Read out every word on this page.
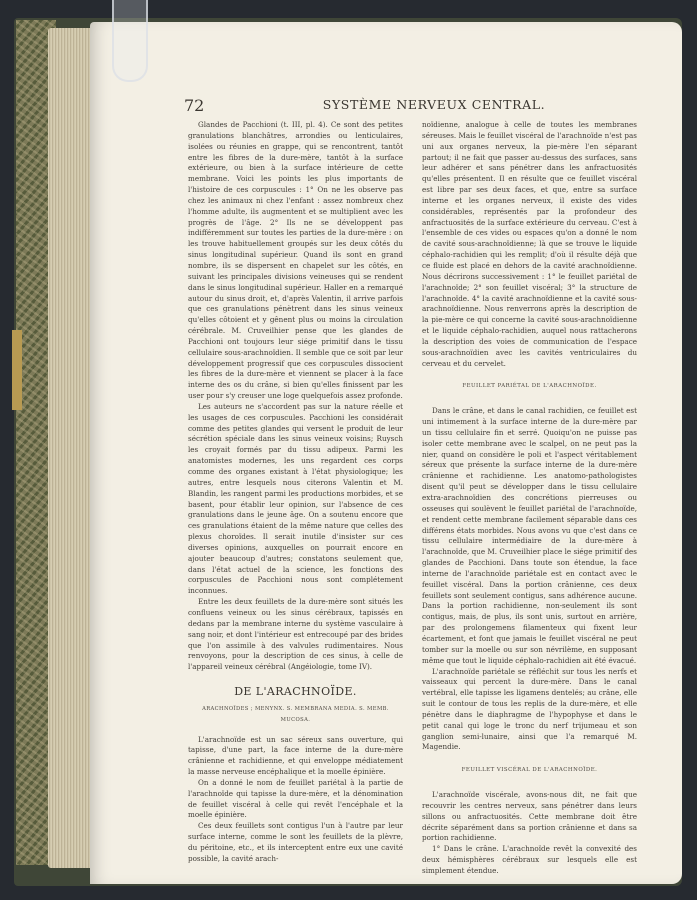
72	SYSTÈME NERVEUX CENTRAL.

Glandes de Pacchioni (t. III, pl. 4). Ce sont des petites granulations blanchâtres, arrondies ou lenticulaires, isolées ou réunies en grappe, qui se rencontrent, tantôt entre les fibres de la dure-mère, tantôt à la surface extérieure, ou bien à la surface intérieure de cette membrane. Voici les points les plus importants de l'histoire de ces corpuscules : 1° On ne les observe pas chez les animaux ni chez l'enfant : assez nombreux chez l'homme adulte, ils augmentent et se multiplient avec les progrès de l'âge. 2° Ils ne se développent pas indifféremment sur toutes les parties de la dure-mère : on les trouve habituellement groupés sur les deux côtés du sinus longitudinal supérieur. Quand ils sont en grand nombre, ils se dispersent en chapelet sur les côtés, en suivant les principales divisions veineuses qui se rendent dans le sinus longitudinal supérieur. Haller en a remarqué autour du sinus droit, et, d'après Valentin, il arrive parfois que ces granulations pénètrent dans les sinus veineux qu'elles côtoient et y gênent plus ou moins la circulation cérébrale. M. Cruveilhier pense que les glandes de Pacchioni ont toujours leur siége primitif dans le tissu cellulaire sous-arachnoïdien. Il semble que ce soit par leur développement progressif que ces corpuscules dissocient les fibres de la dure-mère et viennent se placer à la face interne des os du crâne, si bien qu'elles finissent par les user pour s'y creuser une loge quelquefois assez profonde.

Les auteurs ne s'accordent pas sur la nature réelle et les usages de ces corpuscules. Pacchioni les considérait comme des petites glandes qui versent le produit de leur sécrétion spéciale dans les sinus veineux voisins; Ruysch les croyait formés par du tissu adipeux. Parmi les anatomistes modernes, les uns regardent ces corps comme des organes existant à l'état physiologique; les autres, entre lesquels nous citerons Valentin et M. Blandin, les rangent parmi les productions morbides, et se basent, pour établir leur opinion, sur l'absence de ces granulations dans le jeune âge. On a soutenu encore que ces granulations étaient de la même nature que celles des plexus choroïdes. Il serait inutile d'insister sur ces diverses opinions, auxquelles on pourrait encore en ajouter beaucoup d'autres; constatons seulement que, dans l'état actuel de la science, les fonctions des corpuscules de Pacchioni nous sont complétement inconnues.

Entre les deux feuillets de la dure-mère sont situés les confluens veineux ou les sinus cérébraux, tapissés en dedans par la membrane interne du système vasculaire à sang noir, et dont l'intérieur est entrecoupé par des brides que l'on assimile à des valvules rudimentaires. Nous renvoyons, pour la description de ces sinus, à celle de l'appareil veineux cérébral (Angéiologie, tome IV).

DE L'ARACHNOÏDE.
ARACHNOÏDES ; MENYNX. S. MEMBRANA MEDIA. S. MEMB. MUCOSA.

L'arachnoïde est un sac séreux sans ouverture, qui tapisse, d'une part, la face interne de la dure-mère crânienne et rachidienne, et qui enveloppe médiatement la masse nerveuse encéphalique et la moelle épinière.

On a donné le nom de feuillet pariétal à la partie de l'arachnoïde qui tapisse la dure-mère, et la dénomination de feuillet viscéral à celle qui revêt l'encéphale et la moelle épinière.

Ces deux feuillets sont contigus l'un à l'autre par leur surface interne, comme le sont les feuillets de la plèvre, du péritoine, etc., et ils interceptent entre eux une cavité possible, la cavité arach-

noïdienne, analogue à celle de toutes les membranes séreuses. Mais le feuillet viscéral de l'arachnoïde n'est pas uni aux organes nerveux, la pie-mère l'en séparant partout; il ne fait que passer au-dessus des surfaces, sans leur adhérer et sans pénétrer dans les anfractuosités qu'elles présentent. Il en résulte que ce feuillet viscéral est libre par ses deux faces, et que, entre sa surface interne et les organes nerveux, il existe des vides considérables, représentés par la profondeur des anfractuosités de la surface extérieure du cerveau. C'est à l'ensemble de ces vides ou espaces qu'on a donné le nom de cavité sous-arachnoïdienne; là que se trouve le liquide céphalo-rachidien qui les remplit; d'où il résulte déjà que ce fluide est placé en dehors de la cavité arachnoïdienne. Nous décrirons successivement : 1° le feuillet pariétal de l'arachnoïde; 2° son feuillet viscéral; 3° la structure de l'arachnoïde. 4° la cavité arachnoïdienne et la cavité sous-arachnoïdienne. Nous renverrons après la description de la pie-mère ce qui concerne la cavité sous-arachnoïdienne et le liquide céphalo-rachidien, auquel nous rattacherons la description des voies de communication de l'espace sous-arachnoïdien avec les cavités ventriculaires du cerveau et du cervelet.

FEUILLET PARIÉTAL DE L'ARACHNOÏDE.

Dans le crâne, et dans le canal rachidien, ce feuillet est uni intimement à la surface interne de la dure-mère par un tissu cellulaire fin et serré. Quoiqu'on ne puisse pas isoler cette membrane avec le scalpel, on ne peut pas la nier, quand on considère le poli et l'aspect véritablement séreux que présente la surface interne de la dure-mère crânienne et rachidienne. Les anatomo-pathologistes disent qu'il peut se développer dans le tissu cellulaire extra-arachnoïdien des concrétions pierreuses ou osseuses qui soulèvent le feuillet pariétal de l'arachnoïde, et rendent cette membrane facilement séparable dans ces différens états morbides. Nous avons vu que c'est dans ce tissu cellulaire intermédiaire de la dure-mère à l'arachnoïde, que M. Cruveilhier place le siége primitif des glandes de Pacchioni. Dans toute son étendue, la face interne de l'arachnoïde pariétale est en contact avec le feuillet viscéral. Dans la portion crânienne, ces deux feuillets sont seulement contigus, sans adhérence aucune. Dans la portion rachidienne, non-seulement ils sont contigus, mais, de plus, ils sont unis, surtout en arrière, par des prolongemens filamenteux qui fixent leur écartement, et font que jamais le feuillet viscéral ne peut tomber sur la moelle ou sur son névrilème, en supposant même que tout le liquide céphalo-rachidien ait été évacué.

L'arachnoïde pariétale se réfléchit sur tous les nerfs et vaisseaux qui percent la dure-mère. Dans le canal vertébral, elle tapisse les ligamens dentelés; au crâne, elle suit le contour de tous les replis de la dure-mère, et elle pénètre dans le diaphragme de l'hypophyse et dans le petit canal qui loge le tronc du nerf trijumeau et son ganglion semi-lunaire, ainsi que l'a remarqué M. Magendie.

FEUILLET VISCÉRAL DE L'ARACHNOÏDE.

L'arachnoïde viscérale, avons-nous dit, ne fait que recouvrir les centres nerveux, sans pénétrer dans leurs sillons ou anfractuosités. Cette membrane doit être décrite séparément dans sa portion crânienne et dans sa portion rachidienne.

1° Dans le crâne. L'arachnoïde revêt la convexité des deux hémisphères cérébraux sur lesquels elle est simplement étendue.
